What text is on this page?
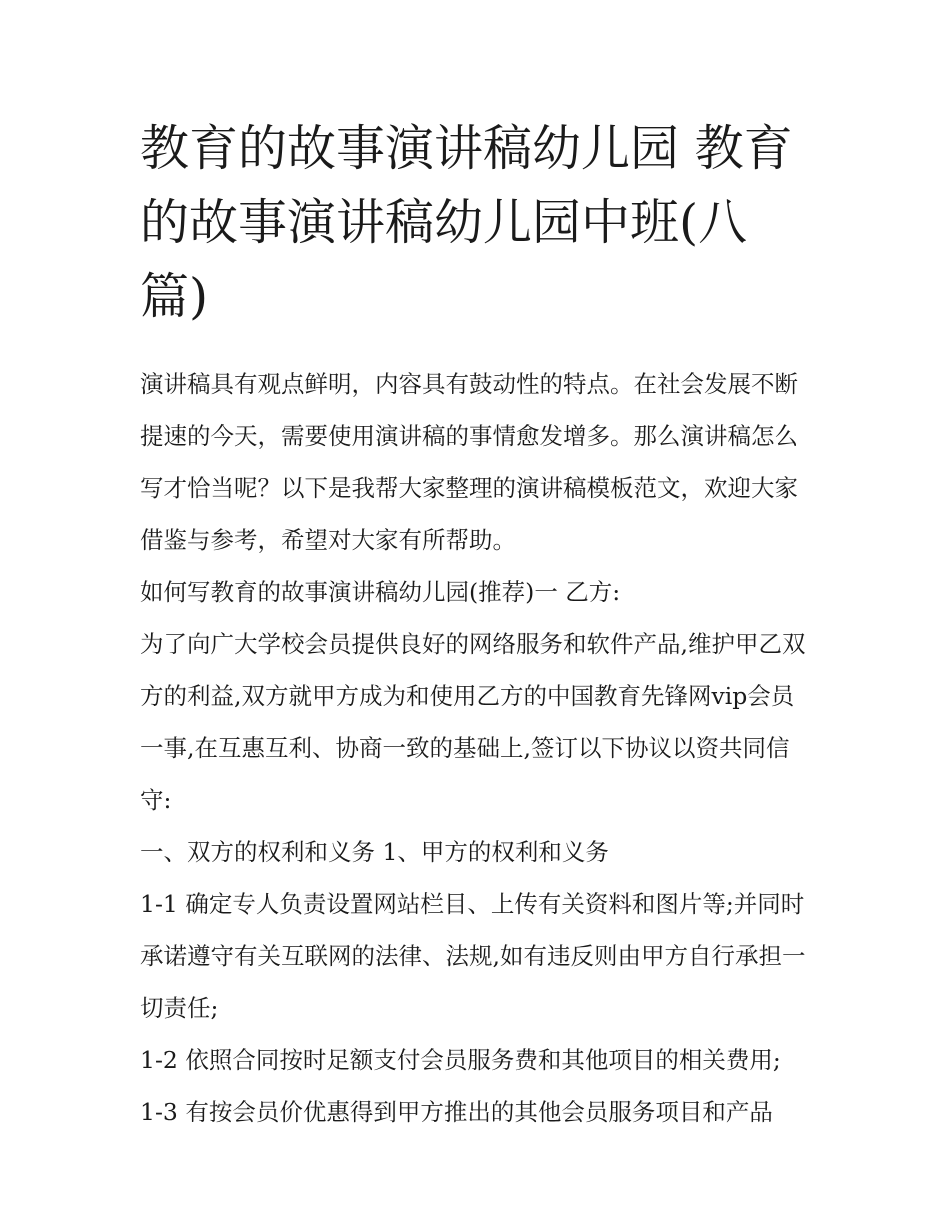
教育的故事演讲稿幼儿园 教育的故事演讲稿幼儿园中班(八篇)

演讲稿具有观点鲜明，内容具有鼓动性的特点。在社会发展不断提速的今天，需要使用演讲稿的事情愈发增多。那么演讲稿怎么写才恰当呢？以下是我帮大家整理的演讲稿模板范文，欢迎大家借鉴与参考，希望对大家有所帮助。

如何写教育的故事演讲稿幼儿园(推荐)一 乙方:

为了向广大学校会员提供良好的网络服务和软件产品,维护甲乙双方的利益,双方就甲方成为和使用乙方的中国教育先锋网vip会员一事,在互惠互利、协商一致的基础上,签订以下协议以资共同信守:

一、双方的权利和义务 1、甲方的权利和义务

1-1 确定专人负责设置网站栏目、上传有关资料和图片等;并同时承诺遵守有关互联网的法律、法规,如有违反则由甲方自行承担一切责任;

1-2 依照合同按时足额支付会员服务费和其他项目的相关费用;

1-3 有按会员价优惠得到甲方推出的其他会员服务项目和产品
